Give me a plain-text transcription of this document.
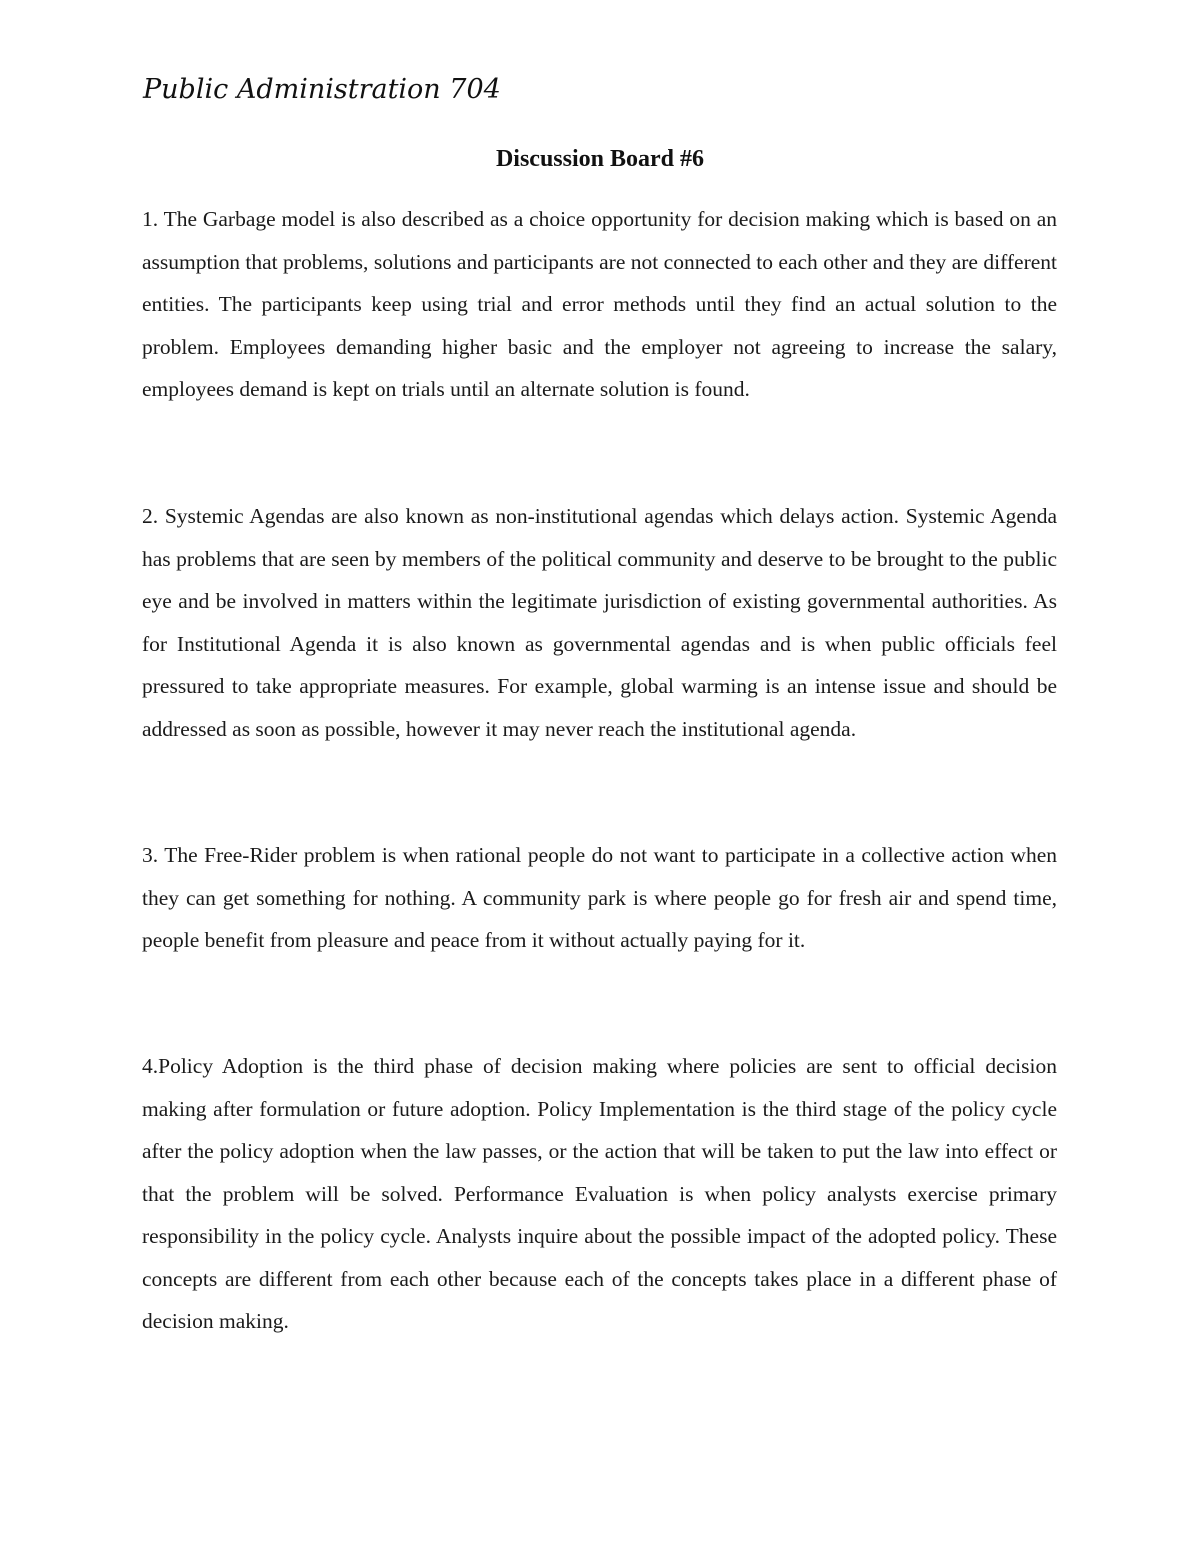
Public Administration 704
Discussion Board #6

1. The Garbage model is also described as a choice opportunity for decision making which is based on an assumption that problems, solutions and participants are not connected to each other and they are different entities. The participants keep using trial and error methods until they find an actual solution to the problem. Employees demanding higher basic and the employer not agreeing to increase the salary, employees demand is kept on trials until an alternate solution is found.

2. Systemic Agendas are also known as non-institutional agendas which delays action. Systemic Agenda has problems that are seen by members of the political community and deserve to be brought to the public eye and be involved in matters within the legitimate jurisdiction of existing governmental authorities. As for Institutional Agenda it is also known as governmental agendas and is when public officials feel pressured to take appropriate measures. For example, global warming is an intense issue and should be addressed as soon as possible, however it may never reach the institutional agenda.

3. The Free-Rider problem is when rational people do not want to participate in a collective action when they can get something for nothing. A community park is where people go for fresh air and spend time, people benefit from pleasure and peace from it without actually paying for it.

4.Policy Adoption is the third phase of decision making where policies are sent to official decision making after formulation or future adoption. Policy Implementation is the third stage of the policy cycle after the policy adoption when the law passes, or the action that will be taken to put the law into effect or that the problem will be solved. Performance Evaluation is when policy analysts exercise primary responsibility in the policy cycle. Analysts inquire about the possible impact of the adopted policy. These concepts are different from each other because each of the concepts takes place in a different phase of decision making.
